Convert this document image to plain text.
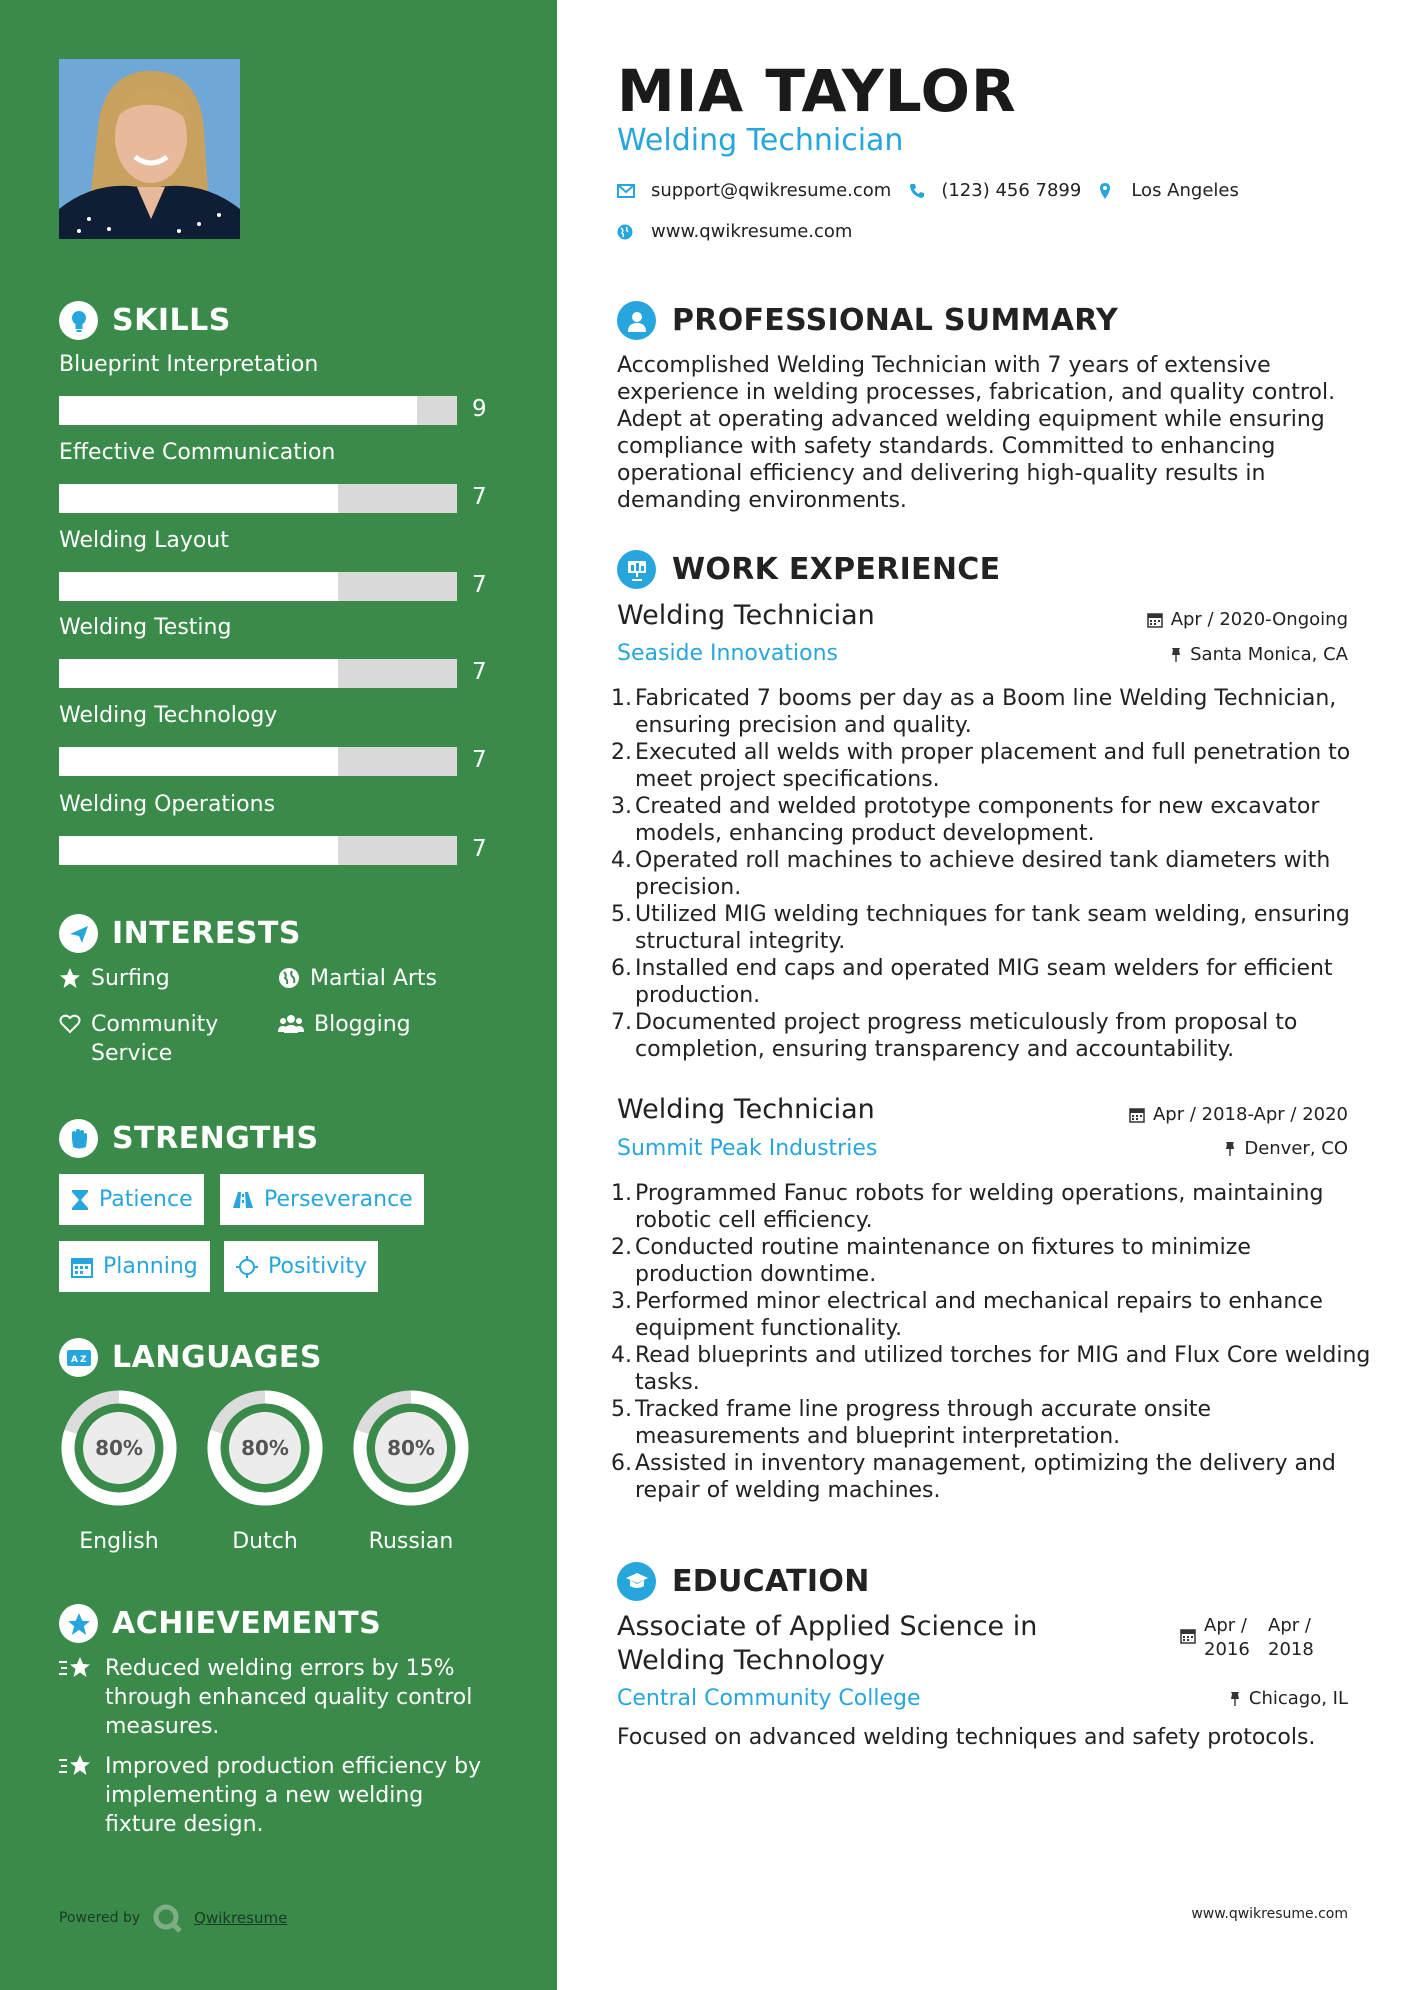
SKILLS
Blueprint Interpretation
9
Effective Communication
7
Welding Layout
7
Welding Testing
7
Welding Technology
7
Welding Operations
7
INTERESTS
Surfing	Martial Arts
Community Service
Blogging
STRENGTHS
Patience	Perseverance
Planning	Positivity
A Z LANGUAGES
80%
English
80%
Dutch
80%
Russian
ACHIEVEMENTS
Reduced welding errors by 15% through enhanced quality control measures.
Improved production efficiency by implementing a new welding fixture design.
Powered by	Qwikresume
MIA TAYLOR
Welding Technician
support@qwikresume.com	(123) 456 7899	Los Angeles
www.qwikresume.com
PROFESSIONAL SUMMARY
Accomplished Welding Technician with 7 years of extensive experience in welding processes, fabrication, and quality control. Adept at operating advanced welding equipment while ensuring compliance with safety standards. Committed to enhancing operational efficiency and delivering high-quality results in demanding environments.
WORK EXPERIENCE
Welding Technician
Seaside Innovations
Apr / 2020-Ongoing
Santa Monica, CA
1. Fabricated 7 booms per day as a Boom line Welding Technician, ensuring precision and quality.
2. Executed all welds with proper placement and full penetration to meet project specifications.
3. Created and welded prototype components for new excavator models, enhancing product development.
4. Operated roll machines to achieve desired tank diameters with precision.
5. Utilized MIG welding techniques for tank seam welding, ensuring structural integrity.
6. Installed end caps and operated MIG seam welders for efficient production.
7. Documented project progress meticulously from proposal to completion, ensuring transparency and accountability.
Welding Technician
Summit Peak Industries
Apr / 2018-Apr / 2020
Denver, CO
1. Programmed Fanuc robots for welding operations, maintaining robotic cell efficiency.
2. Conducted routine maintenance on fixtures to minimize production downtime.
3. Performed minor electrical and mechanical repairs to enhance equipment functionality.
4. Read blueprints and utilized torches for MIG and Flux Core welding tasks.
5. Tracked frame line progress through accurate onsite measurements and blueprint interpretation.
6. Assisted in inventory management, optimizing the delivery and repair of welding machines.
EDUCATION
Associate of Applied Science in Welding Technology
Apr / 2016
Apr / 2018
Central Community College	Chicago, IL
Focused on advanced welding techniques and safety protocols.
www.qwikresume.com
